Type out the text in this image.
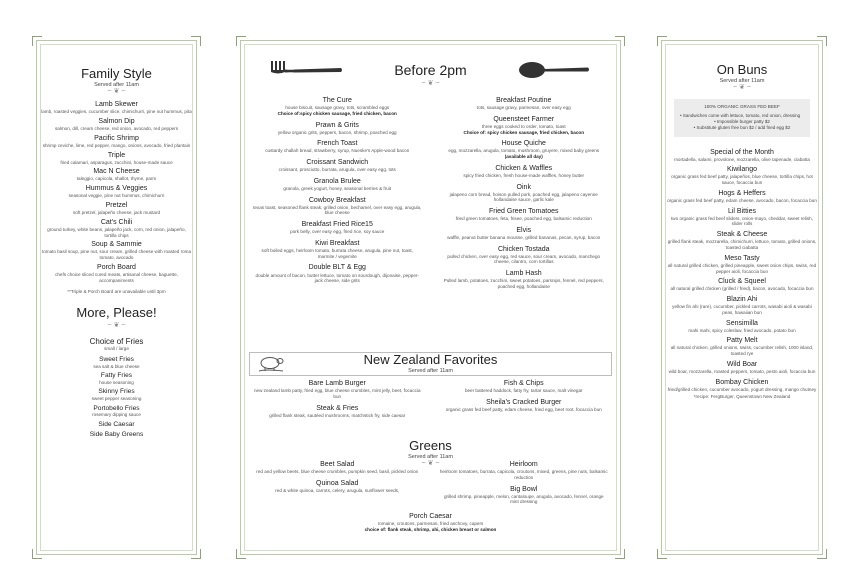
Family Style
Served after 11am
~ ❦ ~
Lamb Skewer
lamb, roasted veggies, cucumber slice, chimichurri, pine nut hummus, pita
Salmon Dip
salmon, dill, cream cheese, red onion, avocado, red peppers
Pacific Shrimp
shrimp ceviche, lime, red pepper, mango, onions, avocado, fried plantain
Triple
fried calamari, asparagus, zucchini, house-made sauce
Mac N Cheese
taleggio, capicola, shallot, thyme, parm
Hummus & Veggies
seasonal veggie, pine nut hummus, chimichurri
Pretzel
soft pretzel, jalapeño cheese, jack mustard
Cat's Chili
ground turkey, white beans, jalapeño jack, corn, red onion, jalapeño, tortilla chips
Soup & Sammie
tomato basil soup, pine nut, sour cream, grilled cheese with roasted roma tomato, avocado
Porch Board
chefs choice sliced cured meats, artisanal cheese, baguette, accompaniments
**Triple & Porch Board are unavailable until 3pm
More, Please!
~ ❦ ~
Choice of Fries
small / large
Sweet Fries
sea salt & blue cheese
Fatty Fries
house seasoning
Skinny Fries
sweet pepper seasoning
Portobello Fries
rosemary dipping sauce
Side Caesar
Side Baby Greens
Before 2pm
~ ❦ ~
The Cure
house biscuit, sausage gravy, tots, scrambled eggs
Choice of:spicy chicken sausage, fried chicken, bacon
Prawn & Grits
yellow organic grits, peppers, bacon, shrimp, poached egg
French Toast
custardy challah bread, strawberry, syrup, Nueske's Apple-wood bacon
Croissant Sandwich
croissant, prosciutto, burrata, arugula, over easy egg, tots
Granola Brulee
granola, greek yogurt, honey, seasonal berries & fruit
Cowboy Breakfast
texas toast, seasoned flank steak, grilled onion, bechamel, over easy egg, arugula, blue cheese
Breakfast Fried Rice15
pork belly, over easy egg, fried rice, soy sauce
Kiwi Breakfast
soft boiled eggs, heirloom tomato, burrata cheese, arugula, pine nut, toast, marmite / vegemite
Double BLT & Egg
double amount of bacon, butter lettuce, tomato on sourdough, dijonaise, pepper-jack cheese, side grits
Breakfast Poutine
tots, sausage gravy, parmesan, over easy egg
Queensteet Farmer
three eggs cooked to order, tomato, toast
Choice of: spicy chicken sausage, fried chicken, bacon
House Quiche
egg, mozzarella, arugula, tomato, mushroom, gruyere, mixed baby greens (available all day)
Chicken & Waffles
spicy fried chicken, fresh house-made waffles, honey butter
Oink
jalapeno corn bread, hoison pulled pork, poached egg, jalapeno cayenne hollandaise sauce, garlic kale
Fried Green Tomatoes
fried green tomatoes, feta, frisee, poached egg, balsamic reduction
Elvis
waffle, peanut butter banana mousse, grilled bananas, pecan, syrup, bacon
Chicken Tostada
pulled chicken, over easy egg, red sauce, sour cream, avocado, manchego cheese, cilantro, corn tortillas
Lamb Hash
Pulled lamb, potatoes, zucchini, sweet potatoes, parsnips, fennel, red peppers, poached egg, hollandaise
New Zealand Favorites
Served after 11am
Bare Lamb Burger
new zealand lamb patty, fried egg, blue cheese crumbles, mint jelly, beet, focaccia bun
Steak & Fries
grilled flank steak, sautéed mushrooms, matchstick fry, side caesar
Fish & Chips
beer battered haddock, fatty fry, tartar sauce, malt vinegar
Sheila's Cracked Burger
organic grass fed beef patty, edam cheese, fried egg, beet root, focaccia bun
Greens
Served after 11am
~ ❦ ~
Beet Salad
red and yellow beets, blue cheese crumbles, pumpkin seed, basil, pickled onion
Quinoa Salad
red & white quinoa, carrots, celery, arugula, sunflower seeds,
Heirloom
heirloom tomatoes, burrata, capicola, croutons, mixed, greens, pine nuts, balsamic reduction
Big Bowl
grilled shrimp, pineapple, melon, cantaloupe, arugula, avocado, fennel, orange mint dressing
Porch Caesar
romaine, croutons, parmesan, fried anchovy, capers
choice of: flank steak, shrimp, ahi, chicken breast or salmon
On Buns
Served after 11am
~ ❦ ~
100% ORGANIC GRASS FED BEEF
• Sandwiches come with lettuce, tomato, red onion, dressing
• Impossible burger patty $2
• Substitute gluten free bun $2 / add fried egg $2
Special of the Month
mortadella, salami, provolone, mozzarella, olive tapenade, ciabatta
Kiwilango
organic grass fed beef patty, jalapeños, blue cheese, tortilla chips, hot sauce, focaccia bun
Hogs & Heffers
organic grass fed beef patty, edam cheese, avocado, bacon, focaccia bun
Lil Bitties
two organic grass fed beef sliders, onion-mayo, cheddar, sweet relish, slider rolls
Steak & Cheese
grilled flank steak, mozzarella, chimichurri, lettuce, tomato, grilled onions, toasted ciabatta
Meso Tasty
all natural grilled chicken, grilled pineapple, sweet onion chips, swiss, red pepper aioli, focaccia bun
Cluck & Squeel
all natural grilled chicken (grilled / fried), bacon, avocado, focaccia bun
Blazin Ahi
yellow fin ahi (rare), cucumber, pickled carrots, wasabi aioli & wasabi peas, hawaiian bun
Sensimilla
mahi mahi, spicy coleslaw, fried avocado, potato bun
Patty Melt
all natural chicken, grilled onions, swiss, cucumber relish, 1000 island, toasted rye
Wild Boar
wild boar, mozzarella, roasted peppers, tomato, pesto aioli, focaccia bun
Bombay Chicken
fried/grilled chicken, cucumber avocado, yogurt dressing, mango chutney
*recipe: FergBurger, Queenstown New Zealand
